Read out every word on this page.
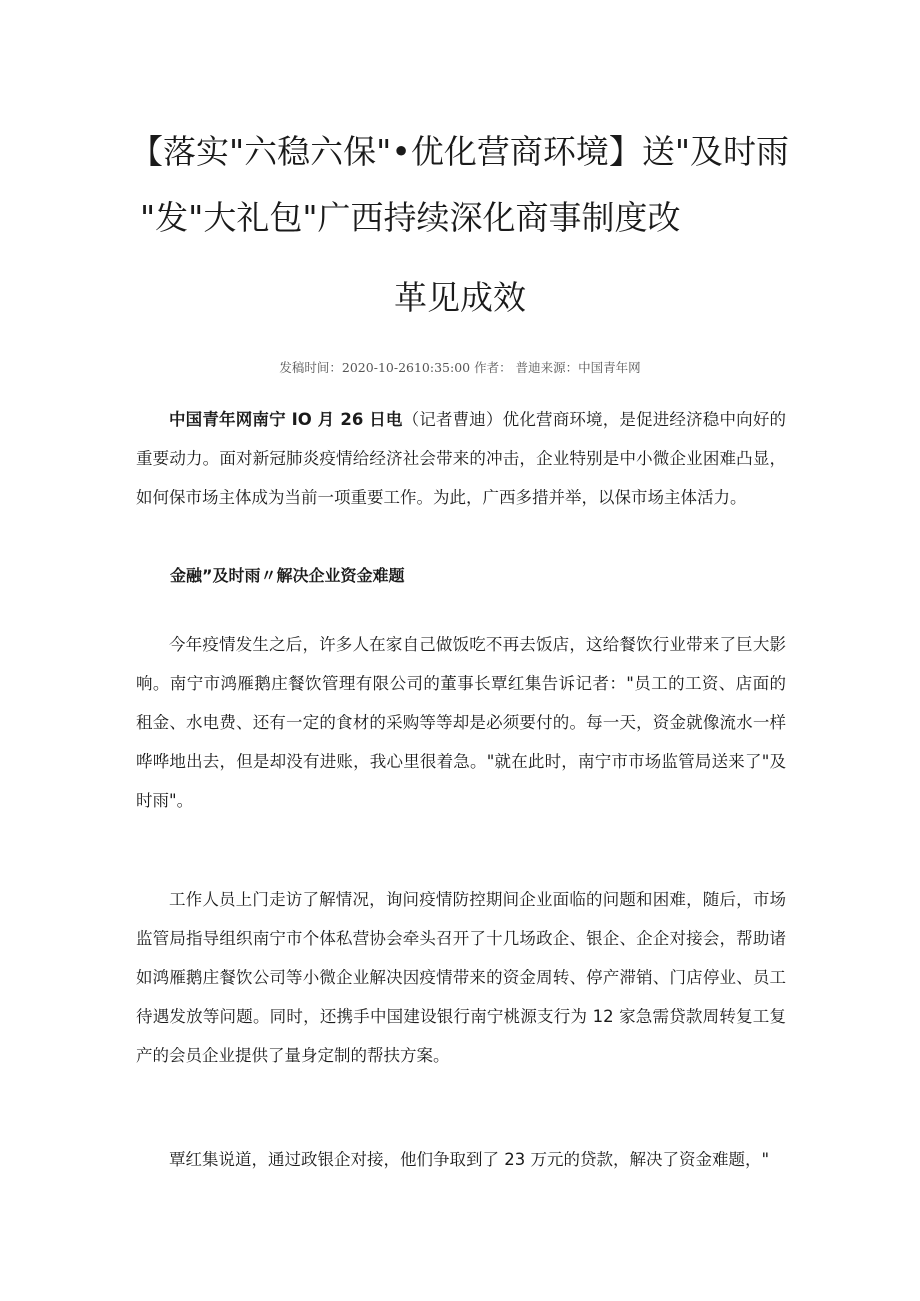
【落实"六稳六保"•优化营商环境】送"及时雨
"发"大礼包"广西持续深化商事制度改
革见成效
发稿时间：2020-10-2610:35:00 作者： 普迪来源：中国青年网

中国青年网南宁 IO 月 26 日电（记者曹迪）优化营商环境，是促进经济稳中向好的重要动力。面对新冠肺炎疫情给经济社会带来的冲击，企业特别是中小微企业困难凸显，如何保市场主体成为当前一项重要工作。为此，广西多措并举，以保市场主体活力。

金融”及时雨〃解决企业资金难题

今年疫情发生之后，许多人在家自己做饭吃不再去饭店，这给餐饮行业带来了巨大影响。南宁市鸿雁鹅庄餐饮管理有限公司的董事长覃红集告诉记者："员工的工资、店面的租金、水电费、还有一定的食材的采购等等却是必须要付的。每一天，资金就像流水一样哗哗地出去，但是却没有进账，我心里很着急。"就在此时，南宁市市场监管局送来了"及时雨"。

工作人员上门走访了解情况，询问疫情防控期间企业面临的问题和困难，随后，市场监管局指导组织南宁市个体私营协会牵头召开了十几场政企、银企、企企对接会，帮助诸如鸿雁鹅庄餐饮公司等小微企业解决因疫情带来的资金周转、停产滞销、门店停业、员工待遇发放等问题。同时，还携手中国建设银行南宁桃源支行为 12 家急需贷款周转复工复产的会员企业提供了量身定制的帮扶方案。

覃红集说道，通过政银企对接，他们争取到了 23 万元的贷款，解决了资金难题，"
